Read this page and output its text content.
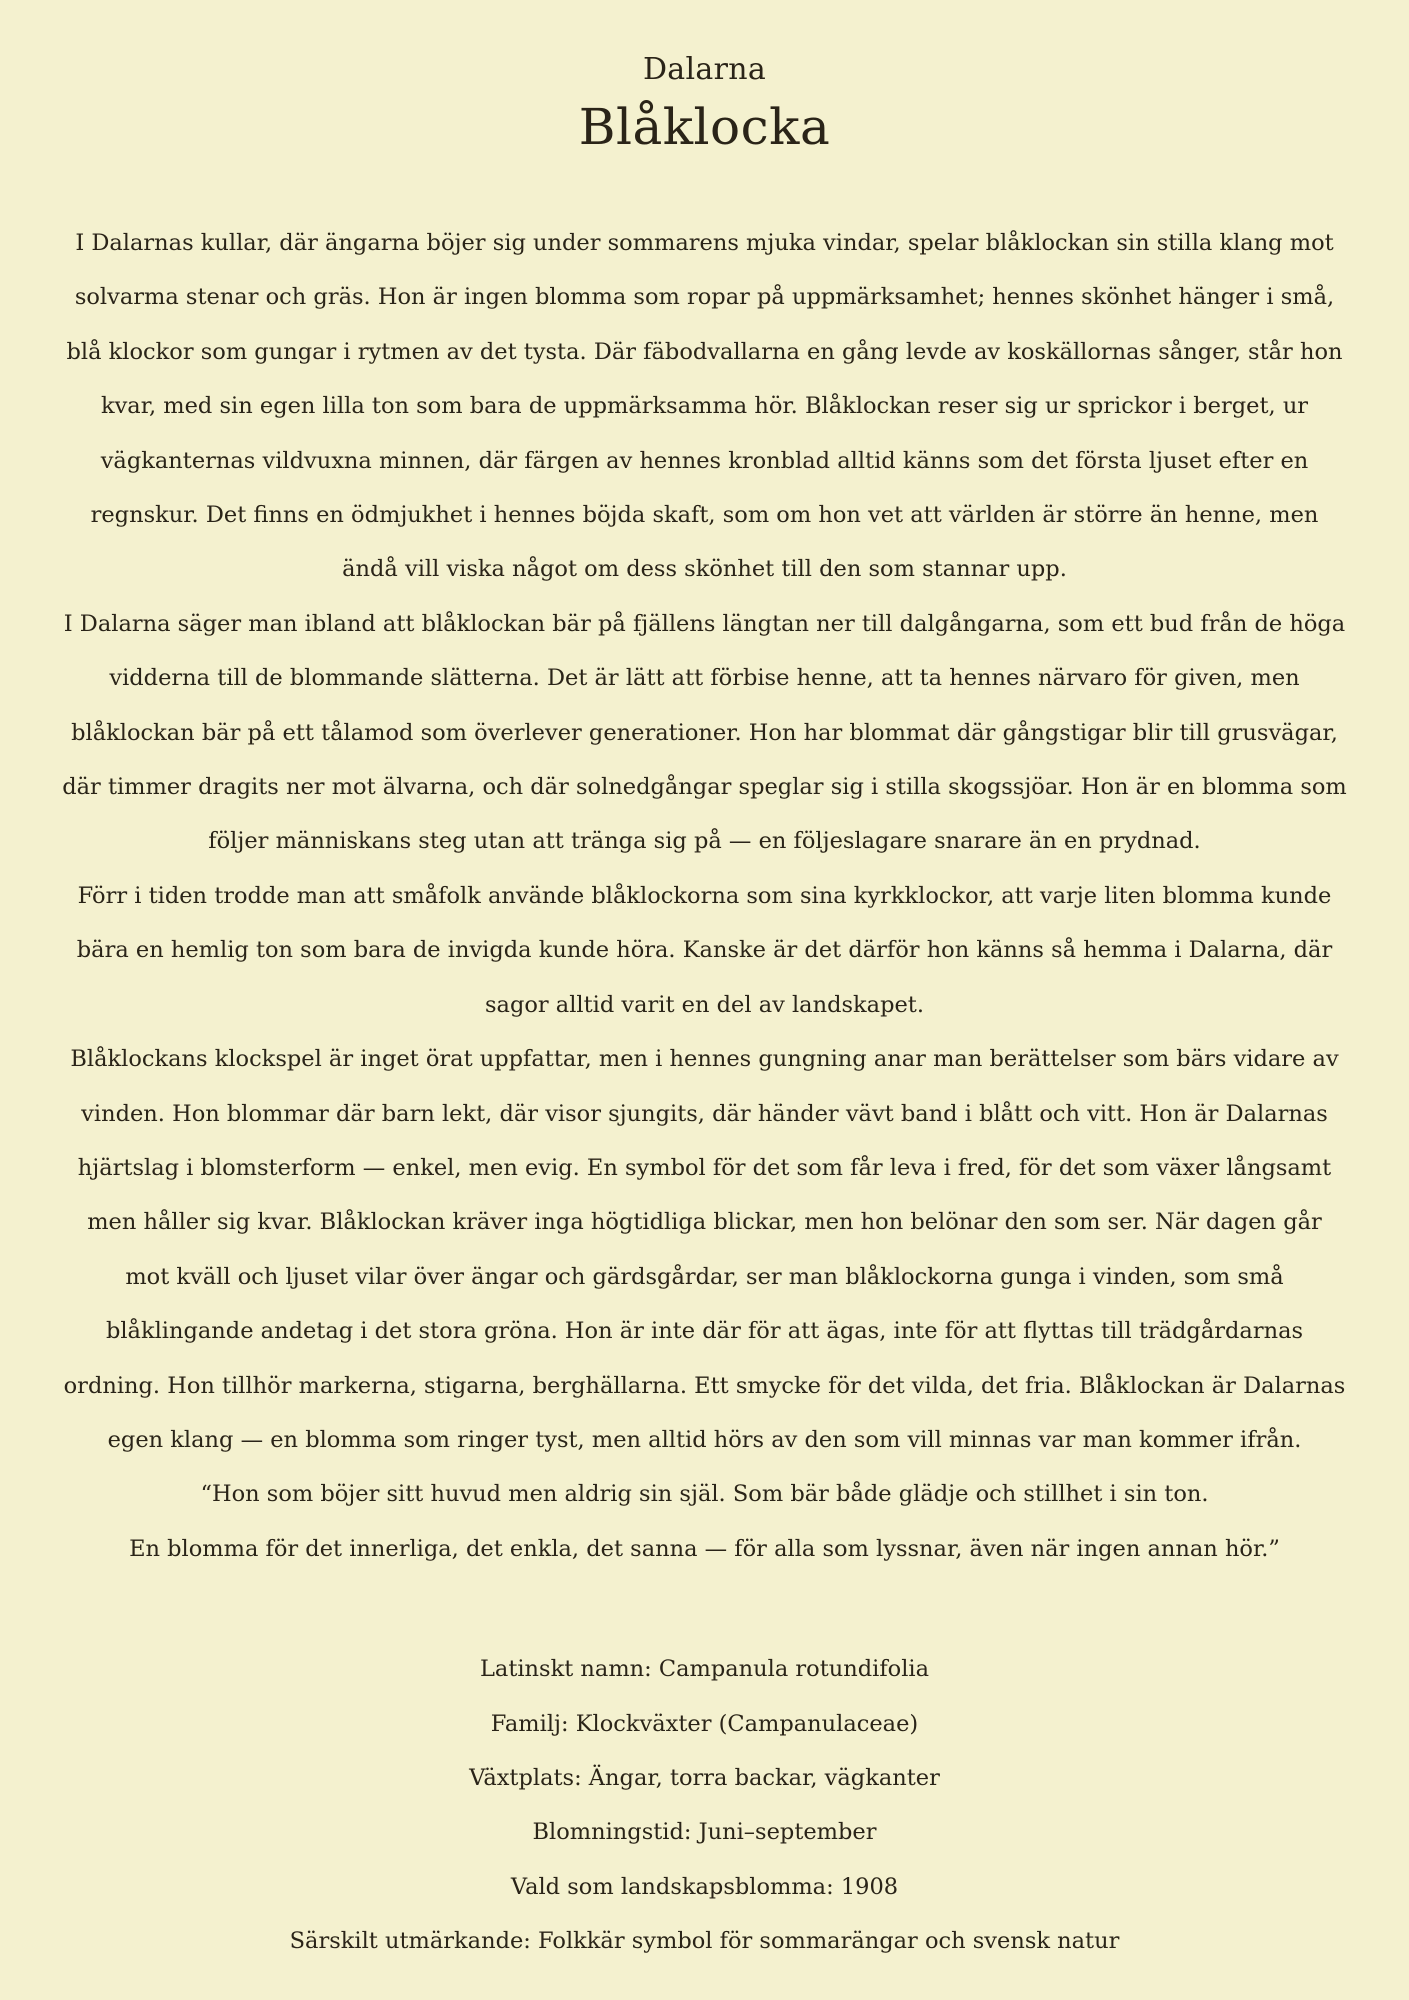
Dalarna
Blåklocka

I Dalarnas kullar, där ängarna böjer sig under sommarens mjuka vindar, spelar blåklockan sin stilla klang mot solvarma stenar och gräs. Hon är ingen blomma som ropar på uppmärksamhet; hennes skönhet hänger i små, blå klockor som gungar i rytmen av det tysta. Där fäbodvallarna en gång levde av koskällornas sånger, står hon kvar, med sin egen lilla ton som bara de uppmärksamma hör. Blåklockan reser sig ur sprickor i berget, ur vägkanternas vildvuxna minnen, där färgen av hennes kronblad alltid känns som det första ljuset efter en regnskur. Det finns en ödmjukhet i hennes böjda skaft, som om hon vet att världen är större än henne, men ändå vill viska något om dess skönhet till den som stannar upp.

I Dalarna säger man ibland att blåklockan bär på fjällens längtan ner till dalgångarna, som ett bud från de höga vidderna till de blommande slätterna. Det är lätt att förbise henne, att ta hennes närvaro för given, men blåklockan bär på ett tålamod som överlever generationer. Hon har blommat där gångstigar blir till grusvägar, där timmer dragits ner mot älvarna, och där solnedgångar speglar sig i stilla skogssjöar. Hon är en blomma som följer människans steg utan att tränga sig på — en följeslagare snarare än en prydnad.

Förr i tiden trodde man att småfolk använde blåklockorna som sina kyrkklockor, att varje liten blomma kunde bära en hemlig ton som bara de invigda kunde höra. Kanske är det därför hon känns så hemma i Dalarna, där sagor alltid varit en del av landskapet.

Blåklockans klockspel är inget örat uppfattar, men i hennes gungning anar man berättelser som bärs vidare av vinden. Hon blommar där barn lekt, där visor sjungits, där händer vävt band i blått och vitt. Hon är Dalarnas hjärtslag i blomsterform — enkel, men evig. En symbol för det som får leva i fred, för det som växer långsamt men håller sig kvar. Blåklockan kräver inga högtidliga blickar, men hon belönar den som ser. När dagen går mot kväll och ljuset vilar över ängar och gärdsgårdar, ser man blåklockorna gunga i vinden, som små blåklingande andetag i det stora gröna. Hon är inte där för att ägas, inte för att flyttas till trädgårdarnas ordning. Hon tillhör markerna, stigarna, berghällarna. Ett smycke för det vilda, det fria. Blåklockan är Dalarnas egen klang — en blomma som ringer tyst, men alltid hörs av den som vill minnas var man kommer ifrån.

“Hon som böjer sitt huvud men aldrig sin själ. Som bär både glädje och stillhet i sin ton.

En blomma för det innerliga, det enkla, det sanna — för alla som lyssnar, även när ingen annan hör.”

Latinskt namn: Campanula rotundifolia

Familj: Klockväxter (Campanulaceae)

Växtplats: Ängar, torra backar, vägkanter

Blomningstid: Juni–september

Vald som landskapsblomma: 1908

Särskilt utmärkande: Folkkär symbol för sommarängar och svensk natur
